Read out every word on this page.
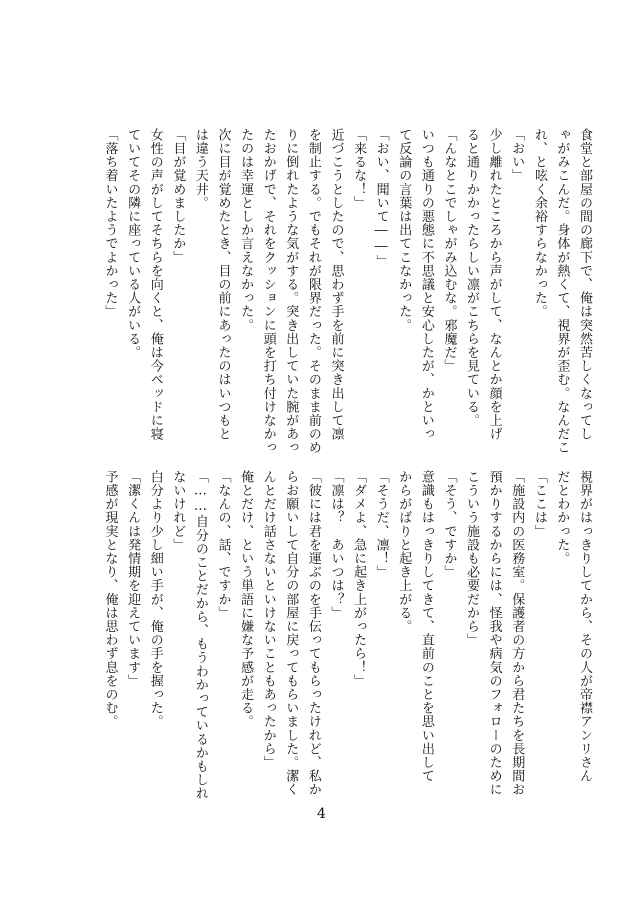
食堂と部屋の間の廊下で、俺は突然苦しくなってし
ゃがみこんだ。身体が熱くて、視界が歪む。なんだこ
れ、と呟く余裕すらなかった。
「おい」
少し離れたところから声がして、なんとか顔を上げ
ると通りかかったらしい凛がこちらを見ている。
「んなとこでしゃがみ込むな。邪魔だ」
いつも通りの悪態に不思議と安心したが、かといっ
て反論の言葉は出てこなかった。
「おい、聞いて――」
「来るな！」
近づこうとしたので、思わず手を前に突き出して凛
を制止する。でもそれが限界だった。そのまま前のめ
りに倒れたような気がする。突き出していた腕があっ
たおかげで、それをクッションに頭を打ち付けなかっ
たのは幸運としか言えなかった。
次に目が覚めたとき、目の前にあったのはいつもと
は違う天井。
「目が覚めましたか」
女性の声がしてそちらを向くと、俺は今ベッドに寝
ていてその隣に座っている人がいる。
「落ち着いたようでよかった」
視界がはっきりしてから、その人が帝襟アンリさん
だとわかった。
「ここは」
「施設内の医務室。保護者の方から君たちを長期間お
預かりするからには、怪我や病気のフォローのために
こういう施設も必要だから」
「そう、ですか」
意識もはっきりしてきて、直前のことを思い出して
からがばりと起き上がる。
「そうだ、凛！」
「ダメよ、急に起き上がったら！」
「凛は？　あいつは？」
「彼には君を運ぶのを手伝ってもらったけれど、私か
らお願いして自分の部屋に戻ってもらいました。潔く
んとだけ話さないといけないこともあったから」
俺とだけ、という単語に嫌な予感が走る。
「なんの、話、ですか」
「……自分のことだから、もうわかっているかもしれ
ないけれど」
白分より少し細い手が、俺の手を握った。
「潔くんは発情期を迎えています」
予感が現実となり、俺は思わず息をのむ。
4
